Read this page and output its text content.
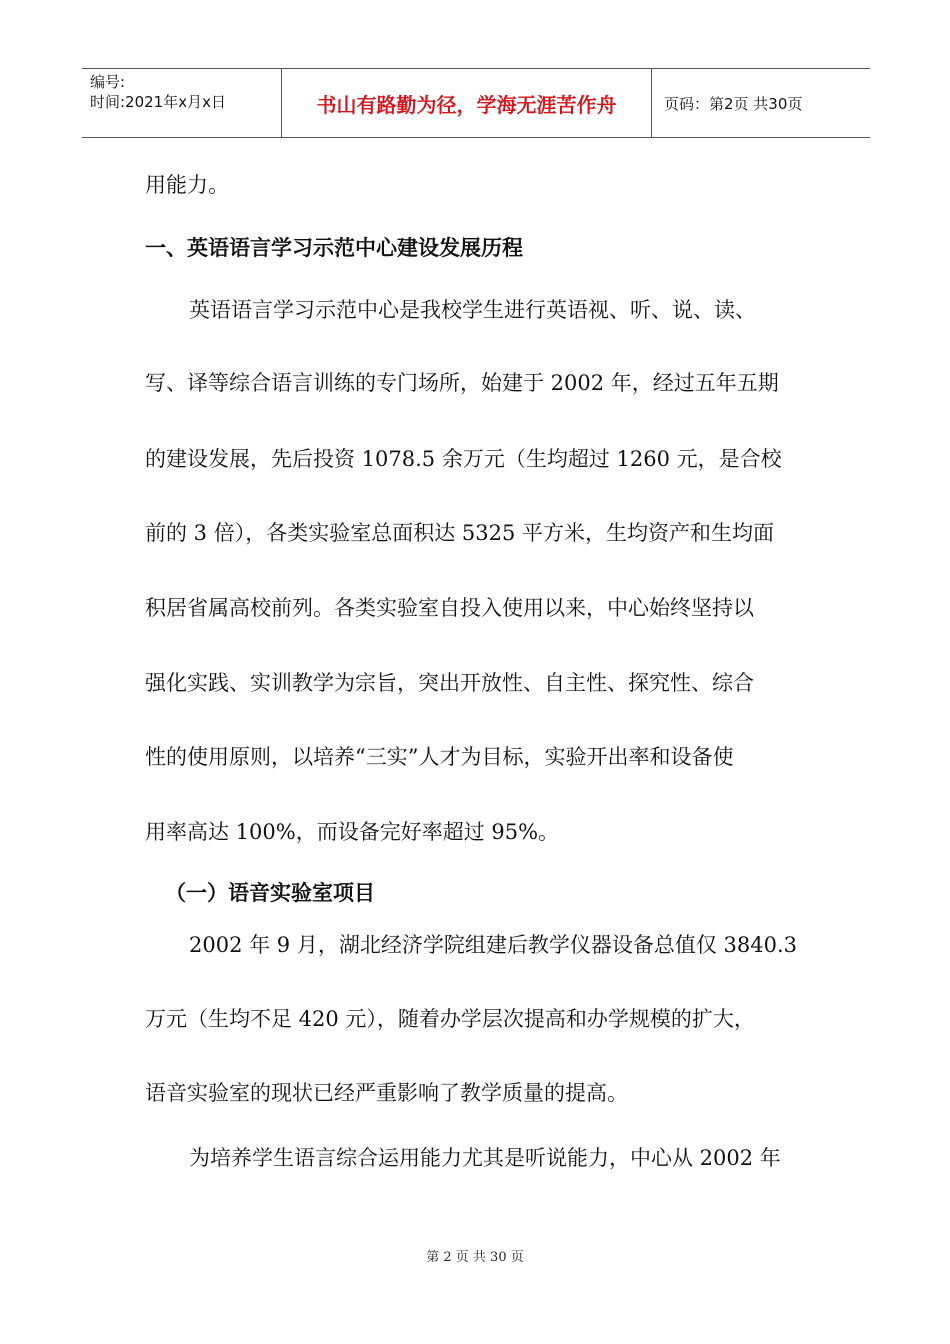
编号:
时间:2021年x月x日	书山有路勤为径，学海无涯苦作舟	页码：第2页 共30页
用能力。
一、英语语言学习示范中心建设发展历程
英语语言学习示范中心是我校学生进行英语视、听、说、读、
写、译等综合语言训练的专门场所，始建于 2002 年，经过五年五期
的建设发展，先后投资 1078.5 余万元（生均超过 1260 元，是合校
前的 3 倍），各类实验室总面积达 5325 平方米，生均资产和生均面
积居省属高校前列。各类实验室自投入使用以来，中心始终坚持以
强化实践、实训教学为宗旨，突出开放性、自主性、探究性、综合
性的使用原则，以培养“三实”人才为目标，实验开出率和设备使
用率高达 100%，而设备完好率超过 95%。
（一）语音实验室项目
2002 年 9 月，湖北经济学院组建后教学仪器设备总值仅 3840.3
万元（生均不足 420 元），随着办学层次提高和办学规模的扩大，
语音实验室的现状已经严重影响了教学质量的提高。
为培养学生语言综合运用能力尤其是听说能力，中心从 2002 年
第 2 页 共 30 页
